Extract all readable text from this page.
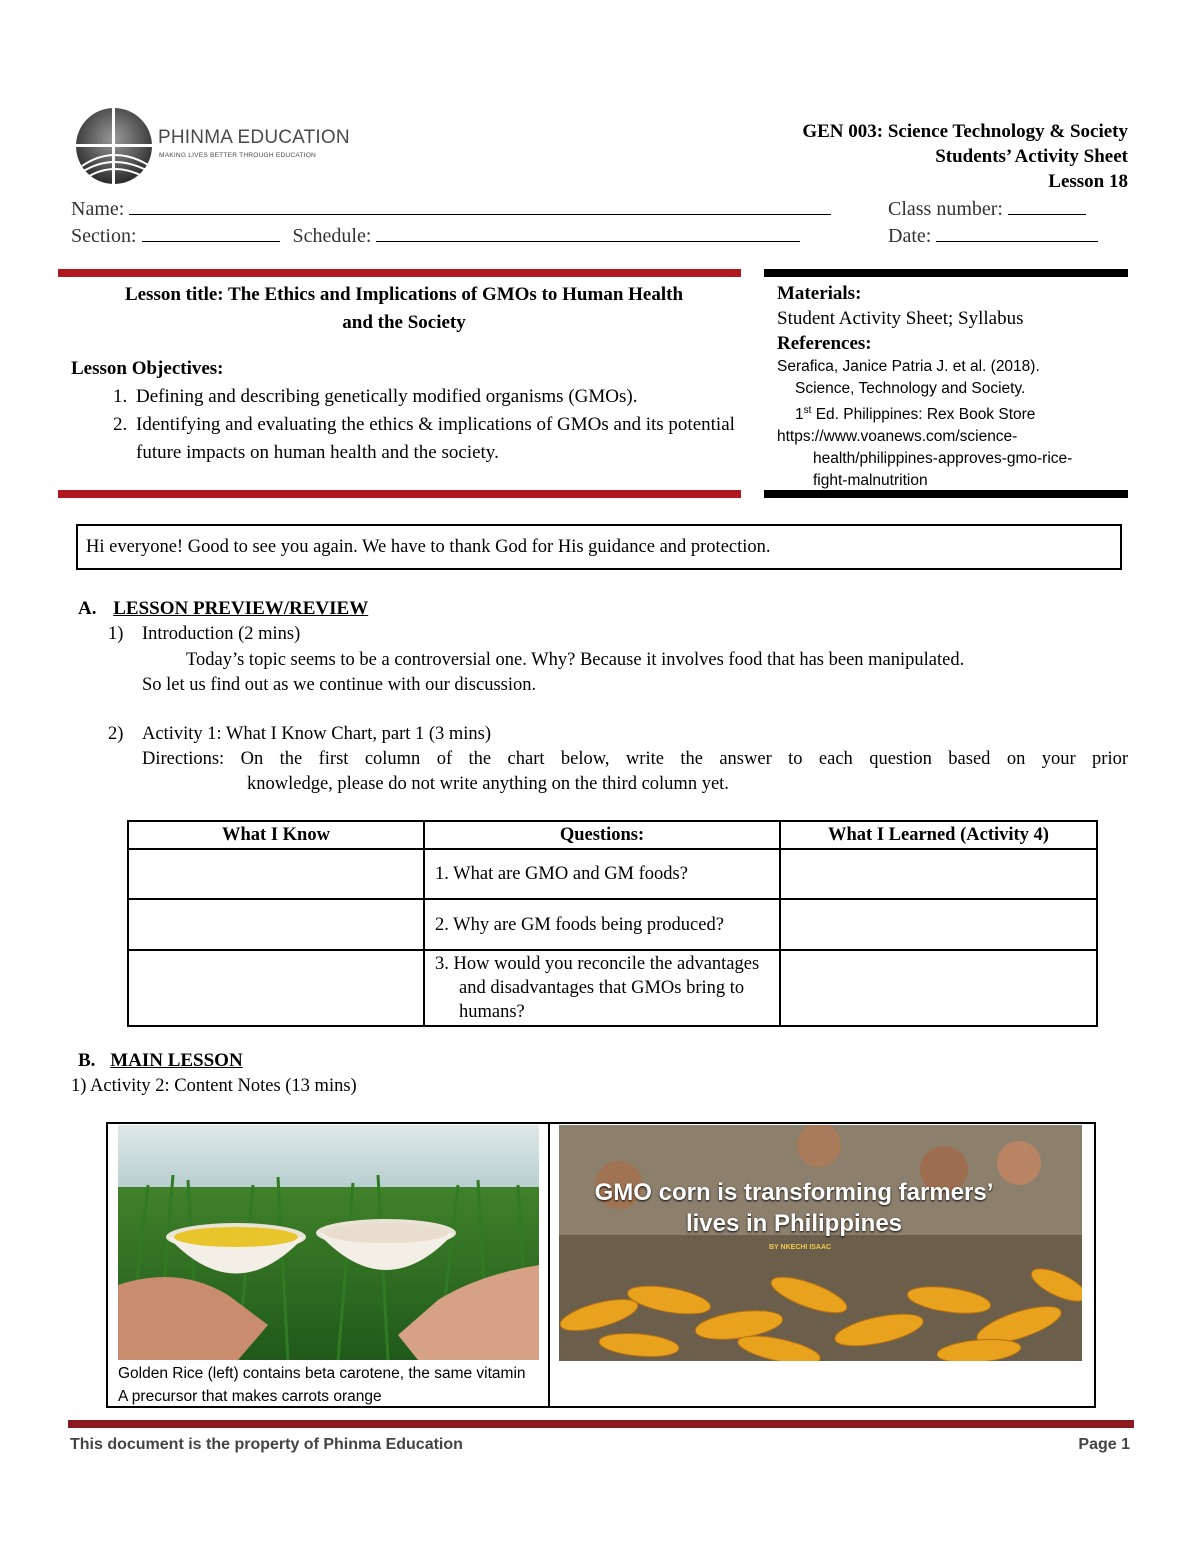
PHINMA EDUCATION
MAKING LIVES BETTER THROUGH EDUCATION
GEN 003: Science Technology & Society
Students’ Activity Sheet
Lesson 18
Name:	Class number:
Section:	Schedule:	Date:
Lesson title: The Ethics and Implications of GMOs to Human Health
and the Society
Lesson Objectives:
1. Defining and describing genetically modified organisms (GMOs).
2. Identifying and evaluating the ethics & implications of GMOs and its potential future impacts on human health and the society.
Materials:
Student Activity Sheet; Syllabus
References:
Serafica, Janice Patria J. et al. (2018).
Science, Technology and Society.
1st Ed. Philippines: Rex Book Store
https://www.voanews.com/science-
health/philippines-approves-gmo-rice-
fight-malnutrition
Hi everyone! Good to see you again. We have to thank God for His guidance and protection.
A. LESSON PREVIEW/REVIEW
1) Introduction (2 mins)
Today’s topic seems to be a controversial one. Why? Because it involves food that has been manipulated.
So let us find out as we continue with our discussion.
2) Activity 1: What I Know Chart, part 1 (3 mins)
Directions: On the first column of the chart below, write the answer to each question based on your prior
knowledge, please do not write anything on the third column yet.
What I Know	Questions:	What I Learned (Activity 4)

	1. What are GMO and GM foods?	

	2. Why are GM foods being produced?	

	3. How would you reconcile the advantages and disadvantages that GMOs bring to humans?	

B. MAIN LESSON
1) Activity 2: Content Notes (13 mins)
Golden Rice (left) contains beta carotene, the same vitamin A precursor that makes carrots orange
GMO corn is transforming farmers’
lives in Philippines
BY NKECHI ISAAC
This document is the property of Phinma Education	Page 1
